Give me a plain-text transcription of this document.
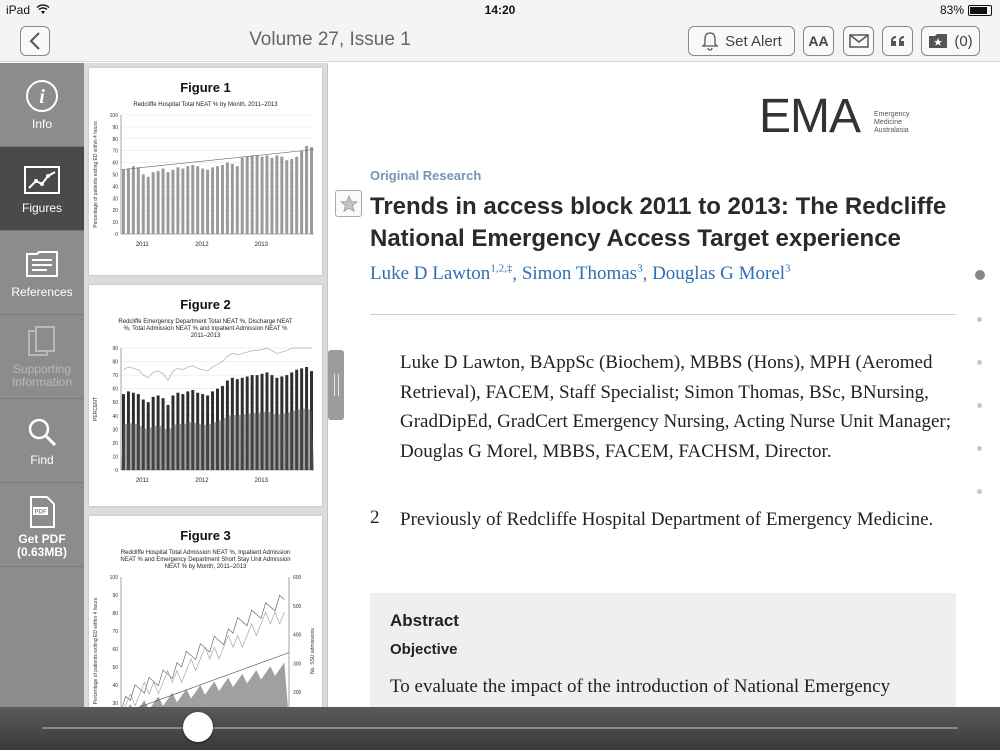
iPad	14:20	83%
Volume 27, Issue 1	Set Alert AA	(0)
i
Info
Figures
References
Supporting Information
Find
PDF
Get PDF (0.63MB)
Figure 1
Redcliffe Hospital Total NEAT % by Month, 2011–2013
Percentage of patients exiting ED within 4 hours
0
10
20
30
40
50
60
70
80
90
100
2011	2012	2013
Figure 2
Redcliffe Emergency Department Total NEAT %, Discharge NEAT %, Total Admission NEAT % and Inpatient Admission NEAT % 2011–2013
PERCENT
0
10
20
30
40
50
60
70
80
90
2011	2012	2013
Figure 3
Redcliffe Hospital Total Admission NEAT %, Inpatient Admission NEAT % and Emergency Department Short Stay Unit Admission NEAT % by Month, 2011–2013
Percentage of patients exiting ED within 4 hours	No. SSU admissions
30
40
50
60
70
80
90
100
200
300
400
500
600
EMA Emergency
Medicine
Australasia
Original Research
Trends in access block 2011 to 2013: The Redcliffe National Emergency Access Target experience
Luke D Lawton$^{1,2,\ddagger}$, Simon Thomas$^3$, Douglas G Morel$^3$
Luke D Lawton, BAppSc (Biochem), MBBS (Hons), MPH (Aeromed Retrieval), FACEM, Staff Specialist; Simon Thomas, BSc, BNursing, GradDipEd, GradCert Emergency Nursing, Acting Nurse Unit Manager; Douglas G Morel, MBBS, FACEM, FACHSM, Director.
2 Previously of Redcliffe Hospital Department of Emergency Medicine.
Abstract
Objective
To evaluate the impact of the introduction of National Emergency
